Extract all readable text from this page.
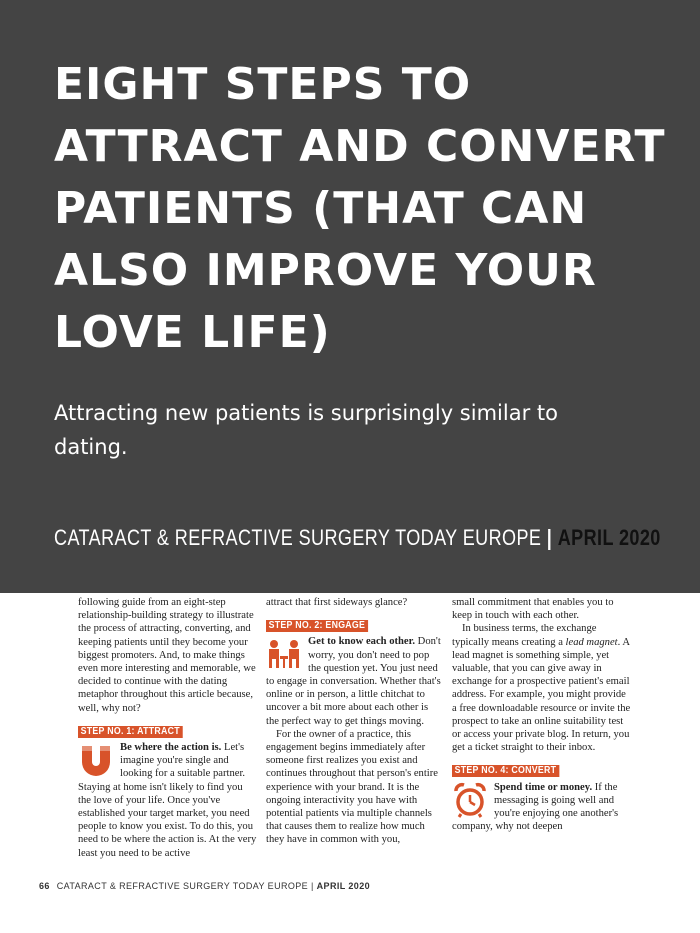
following guide from an eight-step relationship-building strategy to illustrate the process of attracting, converting, and keeping patients until they become your biggest promoters. And, to make things even more interesting and memorable, we decided to continue with the dating metaphor throughout this article because, well, why not?

STEP NO. 1: ATTRACT

Be where the action is. Let's imagine you're single and looking for a suitable partner. Staying at home isn't likely to find you the love of your life. Once you've established your target market, you need people to know you exist. To do this, you need to be where the action is. At the very least you need to be active

attract that first sideways glance?

STEP NO. 2: ENGAGE

Get to know each other. Don't worry, you don't need to pop the question yet. You just need to engage in conversation. Whether that's online or in person, a little chitchat to uncover a bit more about each other is the perfect way to get things moving.

For the owner of a practice, this engagement begins immediately after someone first realizes you exist and continues throughout that person's entire experience with your brand. It is the ongoing interactivity you have with potential patients via multiple channels that causes them to realize how much they have in common with you,

small commitment that enables you to keep in touch with each other.

In business terms, the exchange typically means creating a lead magnet. A lead magnet is something simple, yet valuable, that you can give away in exchange for a prospective patient's email address. For example, you might provide a free downloadable resource or invite the prospect to take an online suitability test or access your private blog. In return, you get a ticket straight to their inbox.

STEP NO. 4: CONVERT

Spend time or money. If the messaging is going well and you're enjoying one another's company, why not deepen

66 CATARACT & REFRACTIVE SURGERY TODAY EUROPE | APRIL 2020
EIGHT STEPS TO ATTRACT AND CONVERT PATIENTS (THAT CAN ALSO IMPROVE YOUR LOVE LIFE)

Attracting new patients is surprisingly similar to dating.

CATARACT & REFRACTIVE SURGERY TODAY EUROPE | APRIL 2020
